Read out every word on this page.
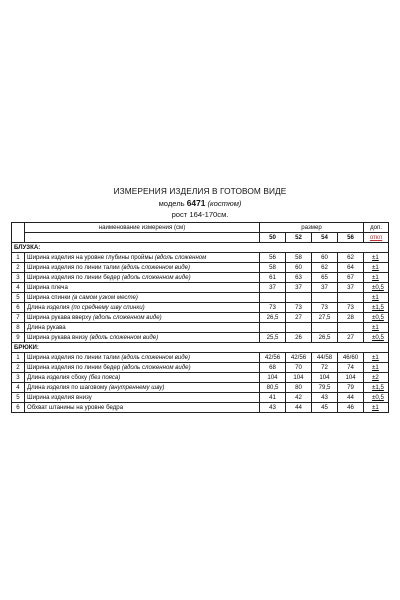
ИЗМЕРЕНИЯ ИЗДЕЛИЯ В ГОТОВОМ ВИДЕ
модель 6471 (костюм)
рост 164-170см.
	наименование измерения (см)	размер				доп.
		50	52	54	56	откл
БЛУЗКА:						
1	Ширина изделия на уровне глубины проймы (вдоль сложенном	56	58	60	62	±1
2	Ширина изделия по линии талии (вдоль сложенном виде)	58	60	62	64	±1
3	Ширина изделия по линии бедер (вдоль сложенном виде)	61	63	65	67	±1
4	Ширина плеча	37	37	37	37	±0,5
5	Ширина спинки (в самом узком месте)					±1
6	Длина изделия (по среднему шву спинки)	73	73	73	73	±1,5
7	Ширина рукава вверху (вдоль сложенном виде)	26,5	27	27,5	28	±0,5
8	Длина рукава					±1
9	Ширина рукава внизу (вдоль сложенном виде)	25,5	26	26,5	27	±0,5
БРЮКИ:						
1	Ширина изделия по линии талии (вдоль сложенном виде)	42/56	42/56	44/58	46/60	±1
2	Ширина изделия по линии бедер (вдоль сложенном виде)	68	70	72	74	±1
3	Длина изделия сбоку (без пояса)	104	104	104	104	±2
4	Длина изделия по шаговому (внутреннему шву)	80,5	80	79,5	79	±1,5
5	Ширина изделия внизу	41	42	43	44	±0,5
6	Обхват штанины на уровне бедра	43	44	45	46	±1
